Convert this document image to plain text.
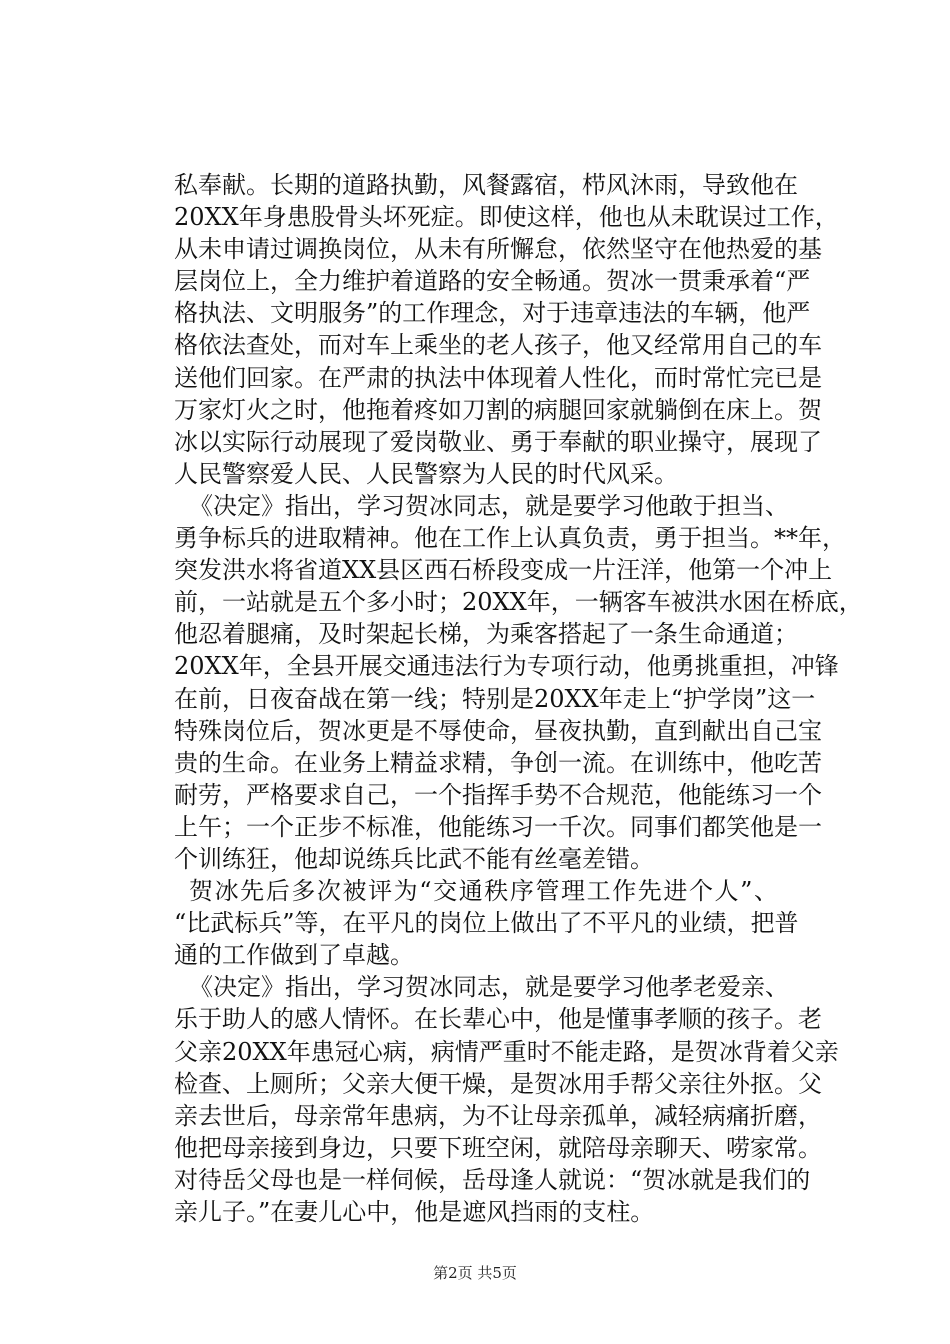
私奉献。长期的道路执勤，风餐露宿，栉风沐雨，导致他在
20XX年身患股骨头坏死症。即使这样，他也从未耽误过工作，
从未申请过调换岗位，从未有所懈怠，依然坚守在他热爱的基
层岗位上，全力维护着道路的安全畅通。贺冰一贯秉承着“严
格执法、文明服务”的工作理念，对于违章违法的车辆，他严
格依法查处，而对车上乘坐的老人孩子，他又经常用自己的车
送他们回家。在严肃的执法中体现着人性化，而时常忙完已是
万家灯火之时，他拖着疼如刀割的病腿回家就躺倒在床上。贺
冰以实际行动展现了爱岗敬业、勇于奉献的职业操守，展现了
人民警察爱人民、人民警察为人民的时代风采。
《决定》指出，学习贺冰同志，就是要学习他敢于担当、
勇争标兵的进取精神。他在工作上认真负责，勇于担当。**年，
突发洪水将省道XX县区西石桥段变成一片汪洋，他第一个冲上
前，一站就是五个多小时；20XX年，一辆客车被洪水困在桥底，
他忍着腿痛，及时架起长梯，为乘客搭起了一条生命通道；
20XX年，全县开展交通违法行为专项行动，他勇挑重担，冲锋
在前，日夜奋战在第一线；特别是20XX年走上“护学岗”这一
特殊岗位后，贺冰更是不辱使命，昼夜执勤，直到献出自己宝
贵的生命。在业务上精益求精，争创一流。在训练中，他吃苦
耐劳，严格要求自己，一个指挥手势不合规范，他能练习一个
上午；一个正步不标准，他能练习一千次。同事们都笑他是一
个训练狂，他却说练兵比武不能有丝毫差错。
贺冰先后多次被评为“交通秩序管理工作先进个人”、
“比武标兵”等，在平凡的岗位上做出了不平凡的业绩，把普
通的工作做到了卓越。
《决定》指出，学习贺冰同志，就是要学习他孝老爱亲、
乐于助人的感人情怀。在长辈心中，他是懂事孝顺的孩子。老
父亲20XX年患冠心病，病情严重时不能走路，是贺冰背着父亲
检查、上厕所；父亲大便干燥，是贺冰用手帮父亲往外抠。父
亲去世后，母亲常年患病，为不让母亲孤单，减轻病痛折磨，
他把母亲接到身边，只要下班空闲，就陪母亲聊天、唠家常。
对待岳父母也是一样伺候，岳母逢人就说：“贺冰就是我们的
亲儿子。”在妻儿心中，他是遮风挡雨的支柱。
第2页 共5页
